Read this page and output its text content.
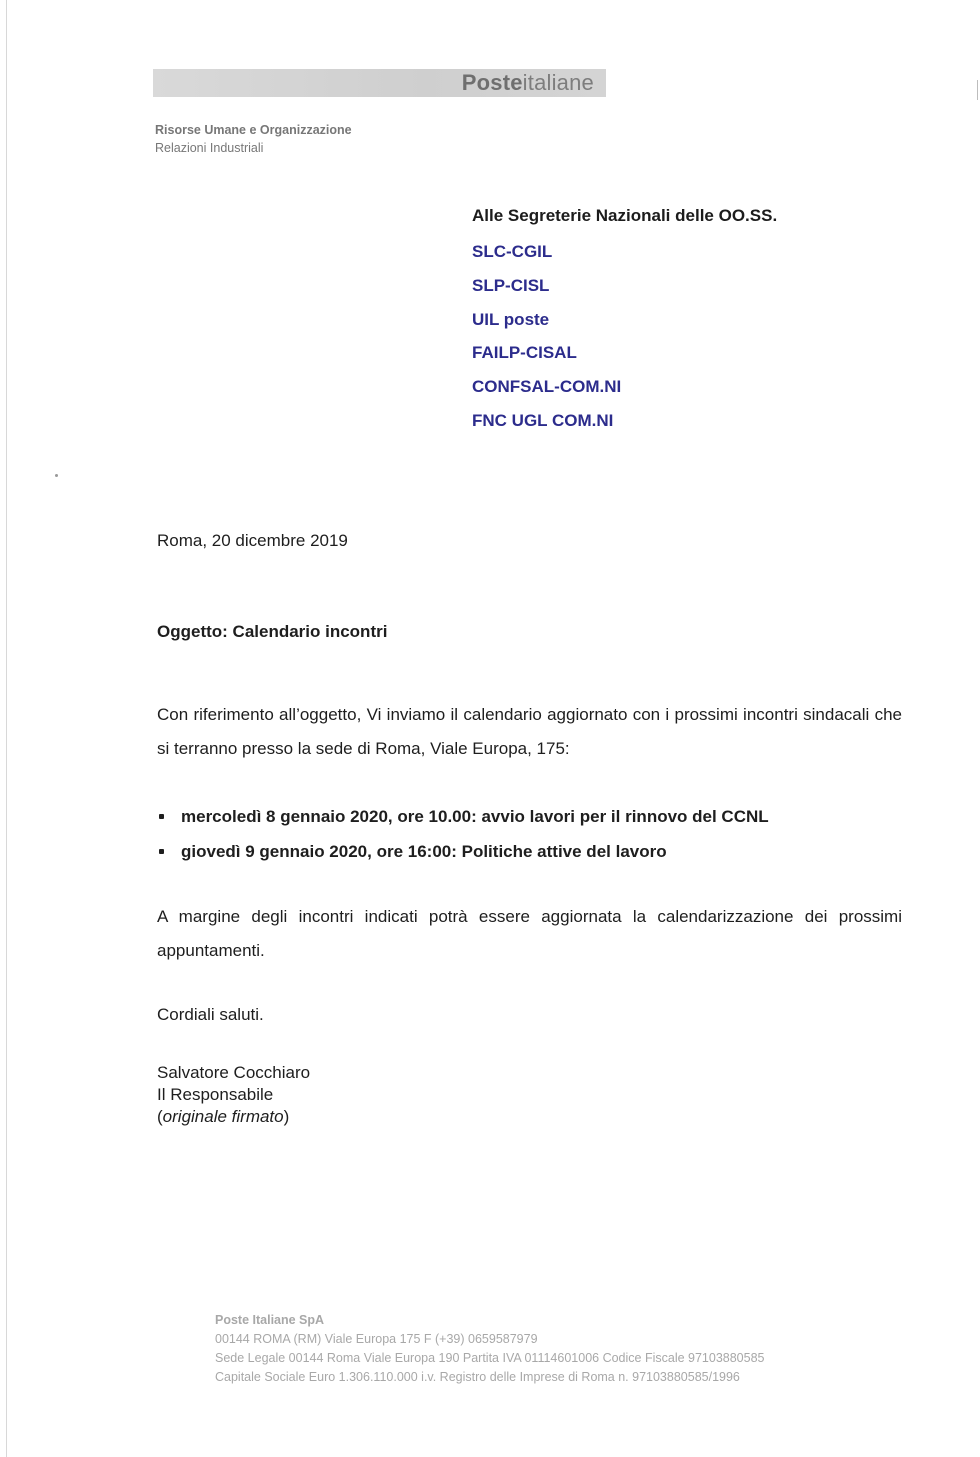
Posteitaliane
Risorse Umane e Organizzazione
Relazioni Industriali
Alle Segreterie Nazionali delle OO.SS.
SLC-CGIL
SLP-CISL
UIL poste
FAILP-CISAL
CONFSAL-COM.NI
FNC UGL COM.NI
Roma, 20 dicembre 2019
Oggetto: Calendario incontri
Con riferimento all’oggetto, Vi inviamo il calendario aggiornato con i prossimi incontri sindacali che si terranno presso la sede di Roma, Viale Europa, 175:
mercoledì 8 gennaio 2020, ore 10.00: avvio lavori per il rinnovo del CCNL
giovedì 9 gennaio 2020, ore 16:00: Politiche attive del lavoro
A margine degli incontri indicati potrà essere aggiornata la calendarizzazione dei prossimi appuntamenti.
Cordiali saluti.
Salvatore Cocchiaro
Il Responsabile
(originale firmato)
Poste Italiane SpA
00144 ROMA (RM) Viale Europa 175 F (+39) 0659587979
Sede Legale 00144 Roma Viale Europa 190 Partita IVA 01114601006 Codice Fiscale 97103880585
Capitale Sociale Euro 1.306.110.000 i.v. Registro delle Imprese di Roma n. 97103880585/1996
